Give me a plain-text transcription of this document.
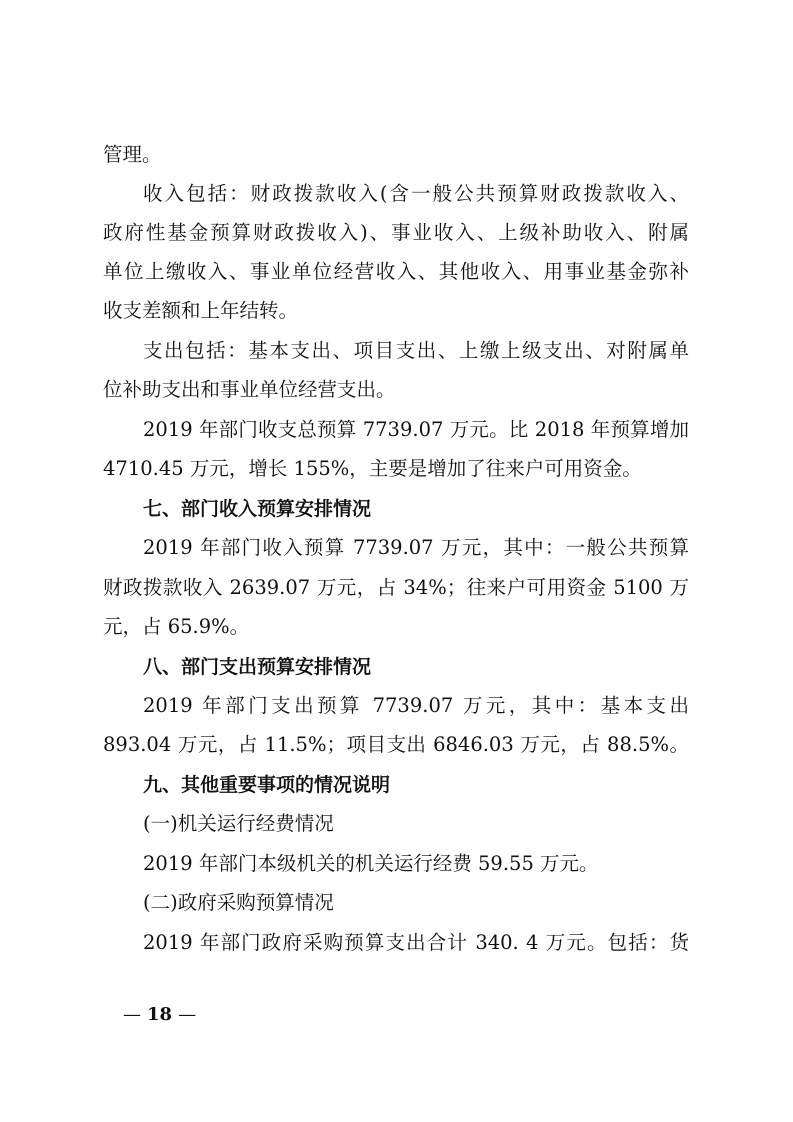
管理。
收入包括：财政拨款收入(含一般公共预算财政拨款收入、
政府性基金预算财政拨收入)、事业收入、上级补助收入、附属
单位上缴收入、事业单位经营收入、其他收入、用事业基金弥补
收支差额和上年结转。
支出包括：基本支出、项目支出、上缴上级支出、对附属单
位补助支出和事业单位经营支出。
2019 年部门收支总预算 7739.07 万元。比 2018 年预算增加
4710.45 万元，增长 155%，主要是增加了往来户可用资金。
七、部门收入预算安排情况
2019 年部门收入预算 7739.07 万元，其中：一般公共预算
财政拨款收入 2639.07 万元，占 34%；往来户可用资金 5100 万
元，占 65.9%。
八、部门支出预算安排情况
2019 年部门支出预算 7739.07 万元，其中：基本支出
893.04 万元，占 11.5%；项目支出 6846.03 万元，占 88.5%。
九、其他重要事项的情况说明
(一)机关运行经费情况
2019 年部门本级机关的机关运行经费 59.55 万元。
(二)政府采购预算情况
2019 年部门政府采购预算支出合计 340. 4 万元。包括：货
— 18 —
